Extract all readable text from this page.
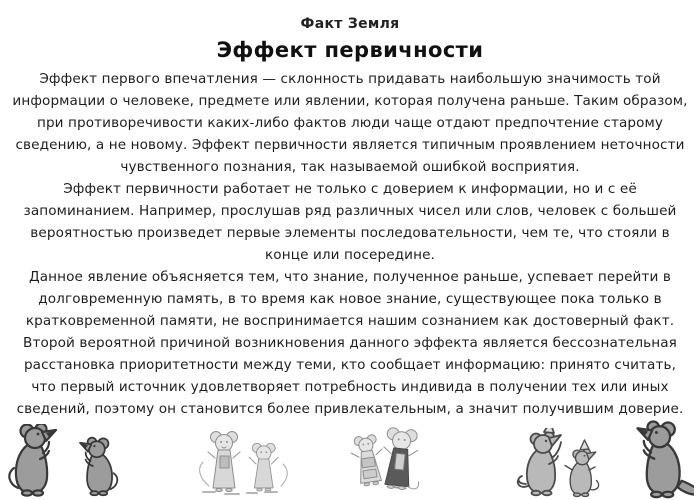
Факт Земля
Эффект первичности
Эффект первого впечатления — склонность придавать наибольшую значимость той
информации о человеке, предмете или явлении, которая получена раньше. Таким образом,
при противоречивости каких-либо фактов люди чаще отдают предпочтение старому
сведению, а не новому. Эффект первичности является типичным проявлением неточности
чувственного познания, так называемой ошибкой восприятия.
Эффект первичности работает не только с доверием к информации, но и с её
запоминанием. Например, прослушав ряд различных чисел или слов, человек с большей
вероятностью произведет первые элементы последовательности, чем те, что стояли в
конце или посередине.
Данное явление объясняется тем, что знание, полученное раньше, успевает перейти в
долговременную память, в то время как новое знание, существующее пока только в
кратковременной памяти, не воспринимается нашим сознанием как достоверный факт.
Второй вероятной причиной возникновения данного эффекта является бессознательная
расстановка приоритетности между теми, кто сообщает информацию: принято считать,
что первый источник удовлетворяет потребность индивида в получении тех или иных
сведений, поэтому он становится более привлекательным, а значит получившим доверие.
